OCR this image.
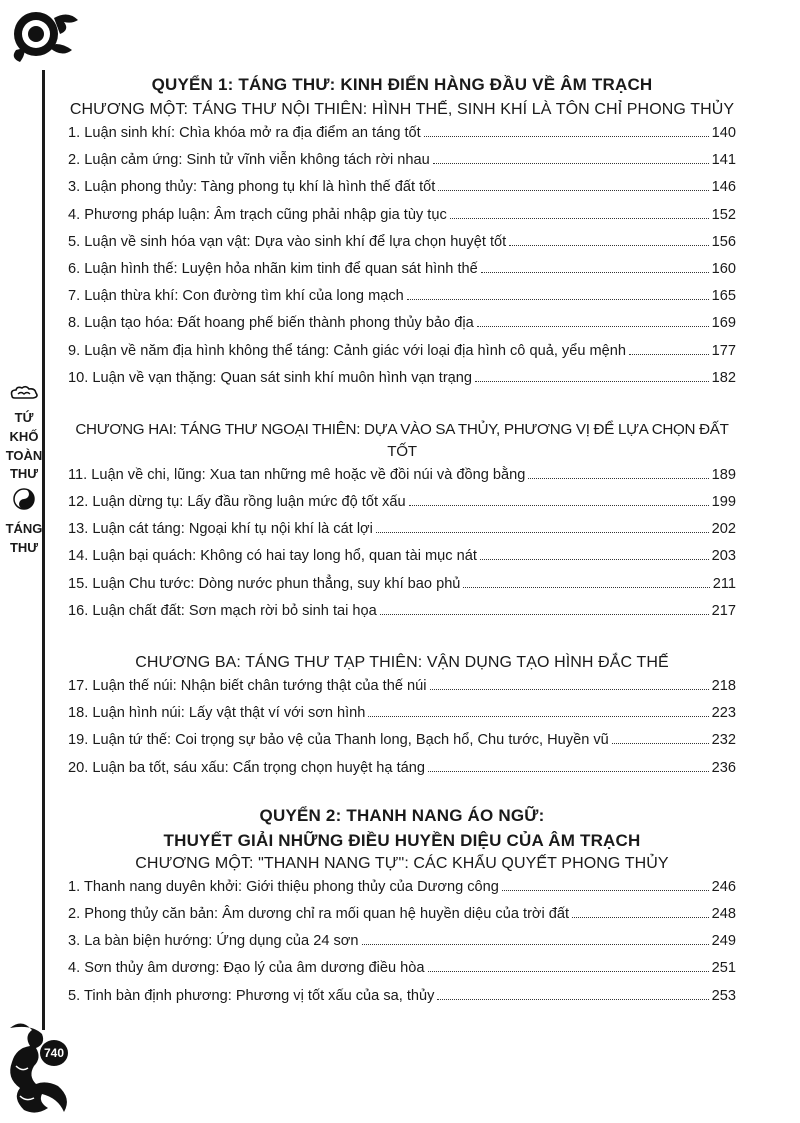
TỨ
KHỐ
TOÀN
THƯ
TÁNG
THƯ
740
QUYỂN 1: TÁNG THƯ: KINH ĐIỂN HÀNG ĐẦU VỀ ÂM TRẠCH
CHƯƠNG MỘT: TÁNG THƯ NỘI THIÊN: HÌNH THẾ, SINH KHÍ LÀ TÔN CHỈ PHONG THỦY
1. Luận sinh khí: Chìa khóa mở ra địa điểm an táng tốt	140
2. Luận cảm ứng: Sinh tử vĩnh viễn không tách rời nhau	141
3. Luận phong thủy: Tàng phong tụ khí là hình thế đất tốt	146
4. Phương pháp luận: Âm trạch cũng phải nhập gia tùy tục	152
5. Luận về sinh hóa vạn vật: Dựa vào sinh khí để lựa chọn huyệt tốt	156
6. Luận hình thế: Luyện hỏa nhãn kim tinh để quan sát hình thế	160
7. Luận thừa khí: Con đường tìm khí của long mạch	165
8. Luận tạo hóa: Đất hoang phế biến thành phong thủy bảo địa	169
9. Luận về năm địa hình không thể táng: Cảnh giác với loại địa hình cô quả, yểu mệnh	177
10. Luận về vạn thặng: Quan sát sinh khí muôn hình vạn trạng	182
CHƯƠNG HAI: TÁNG THƯ NGOẠI THIÊN: DỰA VÀO SA THỦY, PHƯƠNG VỊ ĐỂ LỰA CHỌN ĐẤT TỐT
11. Luận về chi, lũng: Xua tan những mê hoặc về đồi núi và đồng bằng	189
12. Luận dừng tụ: Lấy đầu rồng luận mức độ tốt xấu	199
13. Luận cát táng: Ngoại khí tụ nội khí là cát lợi	202
14. Luận bại quách: Không có hai tay long hổ, quan tài mục nát	203
15. Luận Chu tước: Dòng nước phun thẳng, suy khí bao phủ	211
16. Luận chất đất: Sơn mạch rời bỏ sinh tai họa	217
CHƯƠNG BA: TÁNG THƯ TẠP THIÊN: VẬN DỤNG TẠO HÌNH ĐẮC THẾ
17. Luận thế núi: Nhận biết chân tướng thật của thế núi	218
18. Luận hình núi: Lấy vật thật ví với sơn hình	223
19. Luận tứ thế: Coi trọng sự bảo vệ của Thanh long, Bạch hổ, Chu tước, Huyền vũ	232
20. Luận ba tốt, sáu xấu: Cẩn trọng chọn huyệt hạ táng	236
QUYỂN 2: THANH NANG ÁO NGỮ:
THUYẾT GIẢI NHỮNG ĐIỀU HUYỀN DIỆU CỦA ÂM TRẠCH
CHƯƠNG MỘT: "THANH NANG TỰ": CÁC KHẨU QUYẾT PHONG THỦY
1. Thanh nang duyên khởi: Giới thiệu phong thủy của Dương công	246
2. Phong thủy căn bản: Âm dương chỉ ra mối quan hệ huyền diệu của trời đất	248
3. La bàn biện hướng: Ứng dụng của 24 sơn	249
4. Sơn thủy âm dương: Đạo lý của âm dương điều hòa	251
5. Tinh bàn định phương: Phương vị tốt xấu của sa, thủy	253
